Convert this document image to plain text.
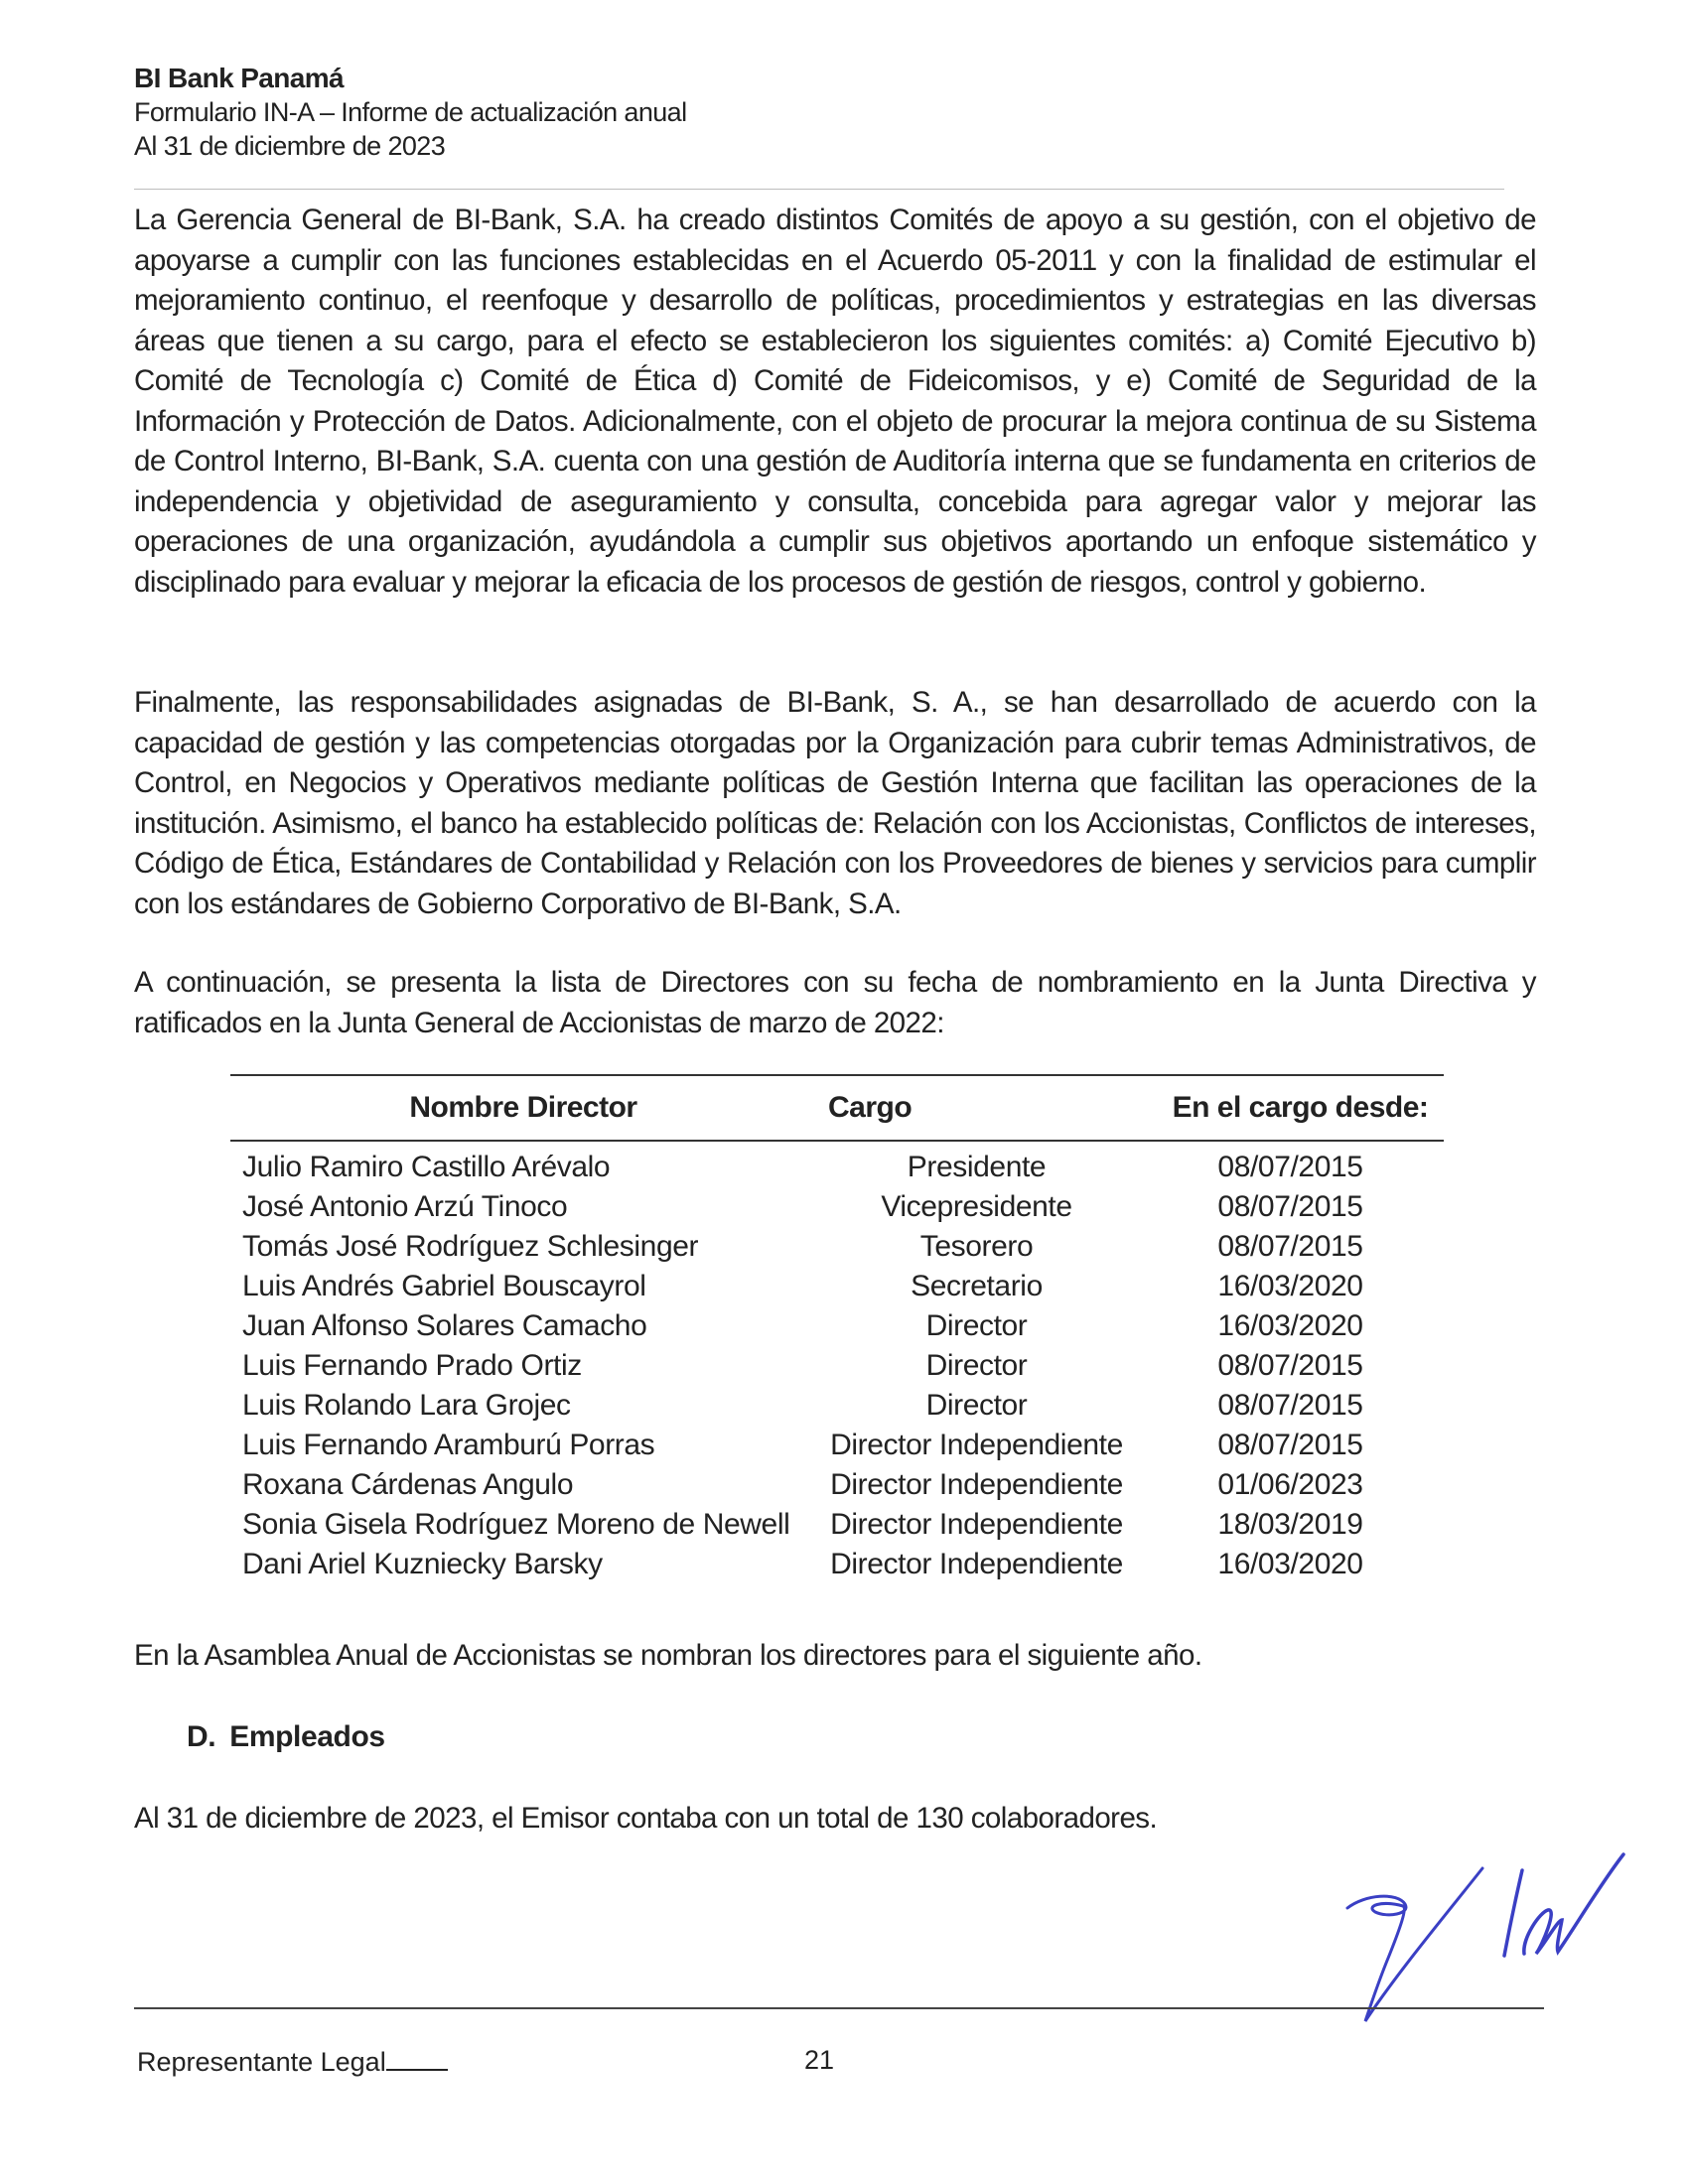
BI Bank Panamá
Formulario IN-A – Informe de actualización anual
Al 31 de diciembre de 2023

La Gerencia General de BI-Bank, S.A. ha creado distintos Comités de apoyo a su gestión, con el objetivo de apoyarse a cumplir con las funciones establecidas en el Acuerdo 05-2011 y con la finalidad de estimular el mejoramiento continuo, el reenfoque y desarrollo de políticas, procedimientos y estrategias en las diversas áreas que tienen a su cargo, para el efecto se establecieron los siguientes comités: a) Comité Ejecutivo b) Comité de Tecnología c) Comité de Ética d) Comité de Fideicomisos, y e) Comité de Seguridad de la Información y Protección de Datos. Adicionalmente, con el objeto de procurar la mejora continua de su Sistema de Control Interno, BI-Bank, S.A. cuenta con una gestión de Auditoría interna que se fundamenta en criterios de independencia y objetividad de aseguramiento y consulta, concebida para agregar valor y mejorar las operaciones de una organización, ayudándola a cumplir sus objetivos aportando un enfoque sistemático y disciplinado para evaluar y mejorar la eficacia de los procesos de gestión de riesgos, control y gobierno.

Finalmente, las responsabilidades asignadas de BI-Bank, S. A., se han desarrollado de acuerdo con la capacidad de gestión y las competencias otorgadas por la Organización para cubrir temas Administrativos, de Control, en Negocios y Operativos mediante políticas de Gestión Interna que facilitan las operaciones de la institución. Asimismo, el banco ha establecido políticas de: Relación con los Accionistas, Conflictos de intereses, Código de Ética, Estándares de Contabilidad y Relación con los Proveedores de bienes y servicios para cumplir con los estándares de Gobierno Corporativo de BI-Bank, S.A.

A continuación, se presenta la lista de Directores con su fecha de nombramiento en la Junta Directiva y ratificados en la Junta General de Accionistas de marzo de 2022:

Nombre Director	Cargo	En el cargo desde:
Julio Ramiro Castillo Arévalo	Presidente	08/07/2015
José Antonio Arzú Tinoco	Vicepresidente	08/07/2015
Tomás José Rodríguez Schlesinger	Tesorero	08/07/2015
Luis Andrés Gabriel Bouscayrol	Secretario	16/03/2020
Juan Alfonso Solares Camacho	Director	16/03/2020
Luis Fernando Prado Ortiz	Director	08/07/2015
Luis Rolando Lara Grojec	Director	08/07/2015
Luis Fernando Aramburú Porras	Director Independiente	08/07/2015
Roxana Cárdenas Angulo	Director Independiente	01/06/2023
Sonia Gisela Rodríguez Moreno de Newell	Director Independiente	18/03/2019
Dani Ariel Kuzniecky Barsky	Director Independiente	16/03/2020

En la Asamblea Anual de Accionistas se nombran los directores para el siguiente año.

D. Empleados

Al 31 de diciembre de 2023, el Emisor contaba con un total de 130 colaboradores.

Representante Legal	21
